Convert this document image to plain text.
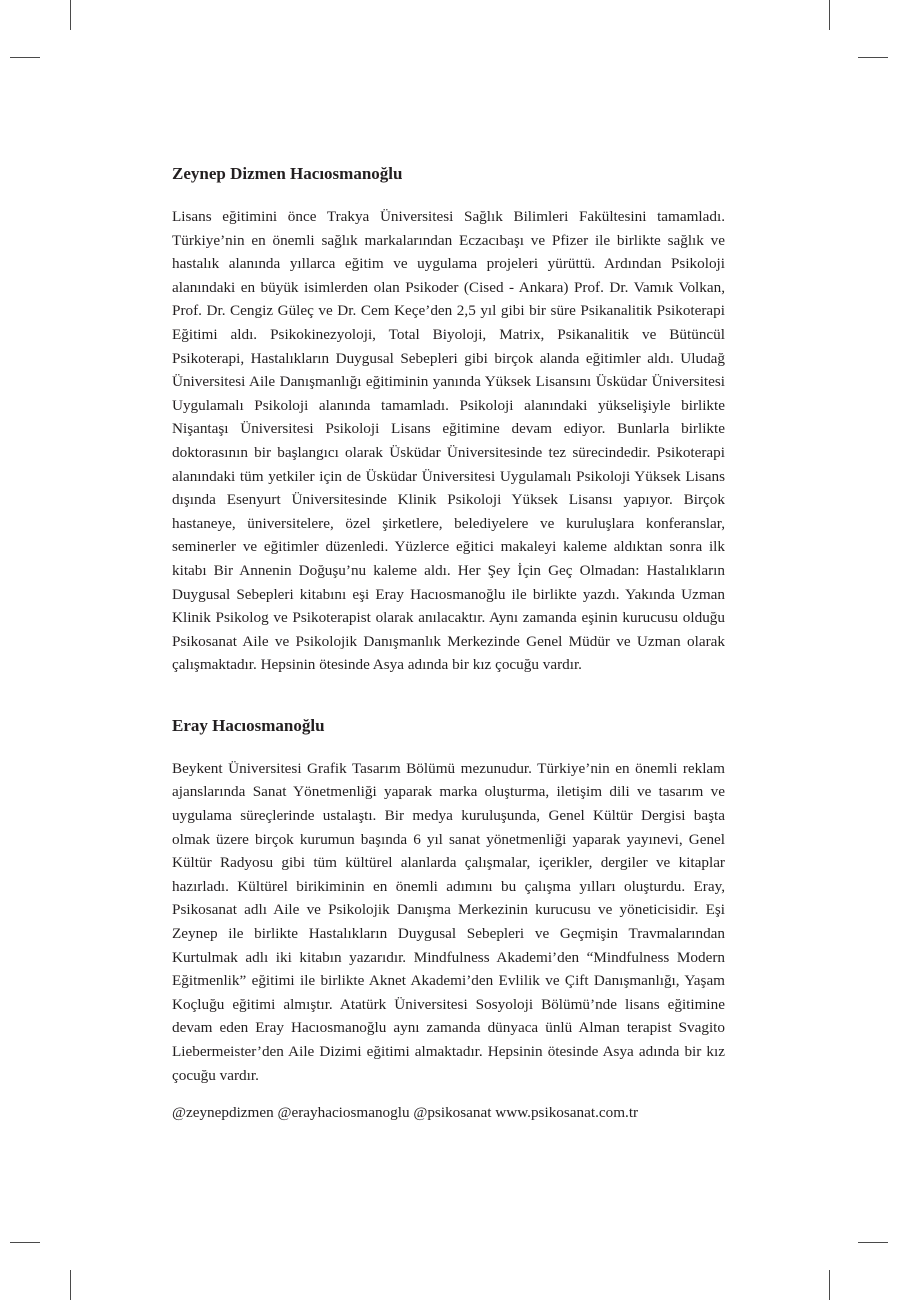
Zeynep Dizmen Hacıosmanoğlu

Lisans eğitimini önce Trakya Üniversitesi Sağlık Bilimleri Fakültesini tamamladı. Türkiye’nin en önemli sağlık markalarından Eczacıbaşı ve Pfizer ile birlikte sağlık ve hastalık alanında yıllarca eğitim ve uygulama projeleri yürüttü. Ardından Psikoloji alanındaki en büyük isimlerden olan Psikoder (Cised - Ankara) Prof. Dr. Vamık Volkan, Prof. Dr. Cengiz Güleç ve Dr. Cem Keçe’den 2,5 yıl gibi bir süre Psikanalitik Psikoterapi Eğitimi aldı. Psikokinezyoloji, Total Biyoloji, Matrix, Psikanalitik ve Bütüncül Psikoterapi, Hastalıkların Duygusal Sebepleri gibi birçok alanda eğitimler aldı. Uludağ Üniversitesi Aile Danışmanlığı eğitiminin yanında Yüksek Lisansını Üsküdar Üniversitesi Uygulamalı Psikoloji alanında tamamladı. Psikoloji alanındaki yükselişiyle birlikte Nişantaşı Üniversitesi Psikoloji Lisans eğitimine devam ediyor. Bunlarla birlikte doktorasının bir başlangıcı olarak Üsküdar Üniversitesinde tez sürecindedir. Psikoterapi alanındaki tüm yetkiler için de Üsküdar Üniversitesi Uygulamalı Psikoloji Yüksek Lisans dışında Esenyurt Üniversitesinde Klinik Psikoloji Yüksek Lisansı yapıyor. Birçok hastaneye, üniversitelere, özel şirketlere, belediyelere ve kuruluşlara konferanslar, seminerler ve eğitimler düzenledi. Yüzlerce eğitici makaleyi kaleme aldıktan sonra ilk kitabı Bir Annenin Doğuşu’nu kaleme aldı. Her Şey İçin Geç Olmadan: Hastalıkların Duygusal Sebepleri kitabını eşi Eray Hacıosmanoğlu ile birlikte yazdı. Yakında Uzman Klinik Psikolog ve Psikoterapist olarak anılacaktır. Aynı zamanda eşinin kurucusu olduğu Psikosanat Aile ve Psikolojik Danışmanlık Merkezinde Genel Müdür ve Uzman olarak çalışmaktadır. Hepsinin ötesinde Asya adında bir kız çocuğu vardır.

Eray Hacıosmanoğlu

Beykent Üniversitesi Grafik Tasarım Bölümü mezunudur. Türkiye’nin en önemli reklam ajanslarında Sanat Yönetmenliği yaparak marka oluşturma, iletişim dili ve tasarım ve uygulama süreçlerinde ustalaştı. Bir medya kuruluşunda, Genel Kültür Dergisi başta olmak üzere birçok kurumun başında 6 yıl sanat yönetmenliği yaparak yayınevi, Genel Kültür Radyosu gibi tüm kültürel alanlarda çalışmalar, içerikler, dergiler ve kitaplar hazırladı. Kültürel birikiminin en önemli adımını bu çalışma yılları oluşturdu. Eray, Psikosanat adlı Aile ve Psikolojik Danışma Merkezinin kurucusu ve yöneticisidir. Eşi Zeynep ile birlikte Hastalıkların Duygusal Sebepleri ve Geçmişin Travmalarından Kurtulmak adlı iki kitabın yazarıdır. Mindfulness Akademi’den “Mindfulness Modern Eğitmenlik” eğitimi ile birlikte Aknet Akademi’den Evlilik ve Çift Danışmanlığı, Yaşam Koçluğu eğitimi almıştır. Atatürk Üniversitesi Sosyoloji Bölümü’nde lisans eğitimine devam eden Eray Hacıosmanoğlu aynı zamanda dünyaca ünlü Alman terapist Svagito Liebermeister’den Aile Dizimi eğitimi almaktadır. Hepsinin ötesinde Asya adında bir kız çocuğu vardır.

@zeynepdizmen @erayhaciosmanoglu @psikosanat www.psikosanat.com.tr
